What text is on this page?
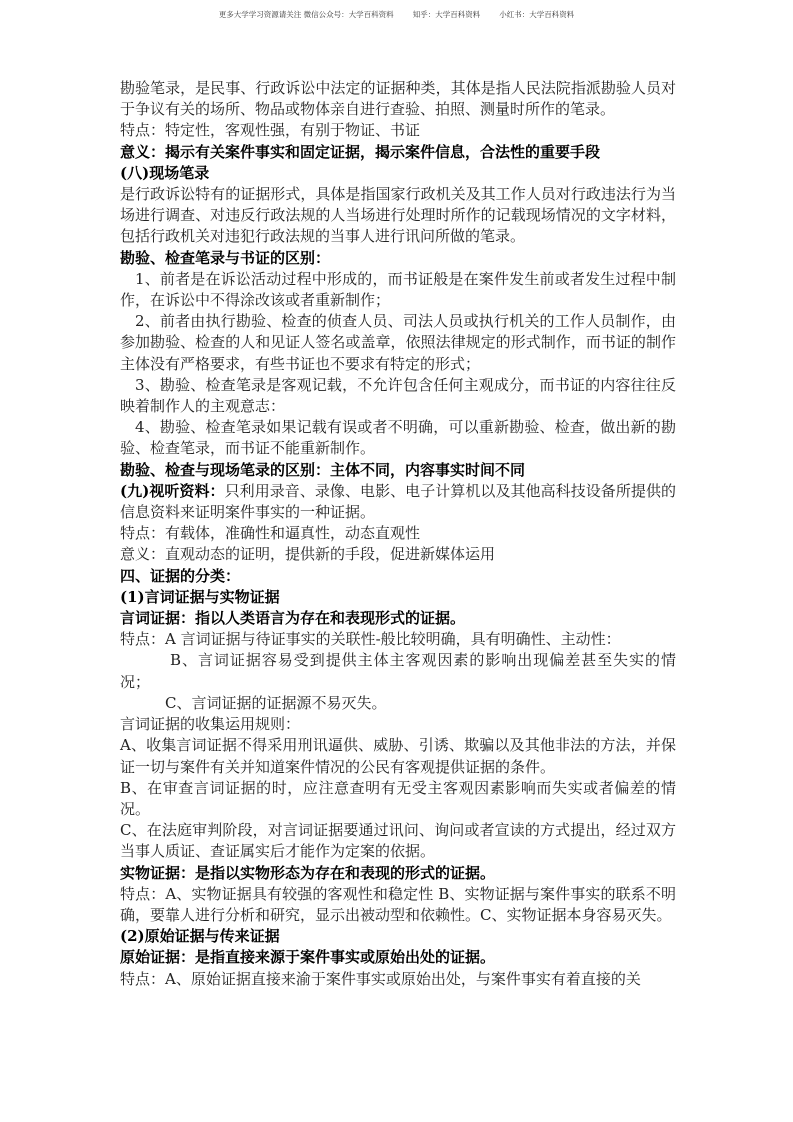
更多大学学习资源请关注 微信公众号：大学百科资料        知乎：大学百科资料        小红书：大学百科资料

勘验笔录，是民事、行政诉讼中法定的证据种类，其体是指人民法院指派勘验人员对于争议有关的场所、物品或物体亲自进行查验、拍照、测量时所作的笔录。

特点：特定性，客观性强，有别于物证、书证

意义：揭示有关案件事实和固定证据，揭示案件信息，合法性的重要手段

(八)现场笔录

是行政诉讼特有的证据形式，具体是指国家行政机关及其工作人员对行政违法行为当场进行调查、对违反行政法规的人当场进行处理时所作的记载现场情况的文字材料，包括行政机关对违犯行政法规的当事人进行讯问所做的笔录。

勘验、检查笔录与书证的区别：

1、前者是在诉讼活动过程中形成的，而书证般是在案件发生前或者发生过程中制作，在诉讼中不得涂改该或者重新制作；

2、前者由执行勘验、检查的侦查人员、司法人员或执行机关的工作人员制作，由参加勘验、检查的人和见证人签名或盖章，依照法律规定的形式制作，而书证的制作主体没有严格要求，有些书证也不要求有特定的形式；

3、勘验、检查笔录是客观记载，不允许包含任何主观成分，而书证的内容往往反映着制作人的主观意志：

4、勘验、检查笔录如果记载有误或者不明确，可以重新勘验、检查，做出新的勘验、检查笔录，而书证不能重新制作。

勘验、检查与现场笔录的区别：主体不同，内容事实时间不同

(九)视听资料：只利用录音、录像、电影、电子计算机以及其他高科技设备所提供的信息资料来证明案件事实的一种证据。

特点：有载体，准确性和逼真性，动态直观性

意义：直观动态的证明，提供新的手段，促进新媒体运用

四、证据的分类：

(1)言词证据与实物证据

言词证据：指以人类语言为存在和表现形式的证据。

特点：A 言词证据与待证事实的关联性-般比较明确，具有明确性、主动性：

B、言词证据容易受到提供主体主客观因素的影响出现偏差甚至失实的情况；

C、言词证据的证据源不易灭失。

言词证据的收集运用规则：

A、收集言词证据不得采用刑讯逼供、威胁、引诱、欺骗以及其他非法的方法，并保证一切与案件有关并知道案件情况的公民有客观提供证据的条件。

B、在审查言词证据的时，应注意查明有无受主客观因素影响而失实或者偏差的情况。

C、在法庭审判阶段，对言词证据要通过讯问、询问或者宣读的方式提出，经过双方当事人质证、查证属实后才能作为定案的依据。

实物证据：是指以实物形态为存在和表现的形式的证据。

特点：A、实物证据具有较强的客观性和稳定性 B、实物证据与案件事实的联系不明确，要靠人进行分析和研究，显示出被动型和依赖性。C、实物证据本身容易灭失。

(2)原始证据与传来证据

原始证据：是指直接来源于案件事实或原始出处的证据。

特点：A、原始证据直接来渝于案件事实或原始出处，与案件事实有着直接的关
